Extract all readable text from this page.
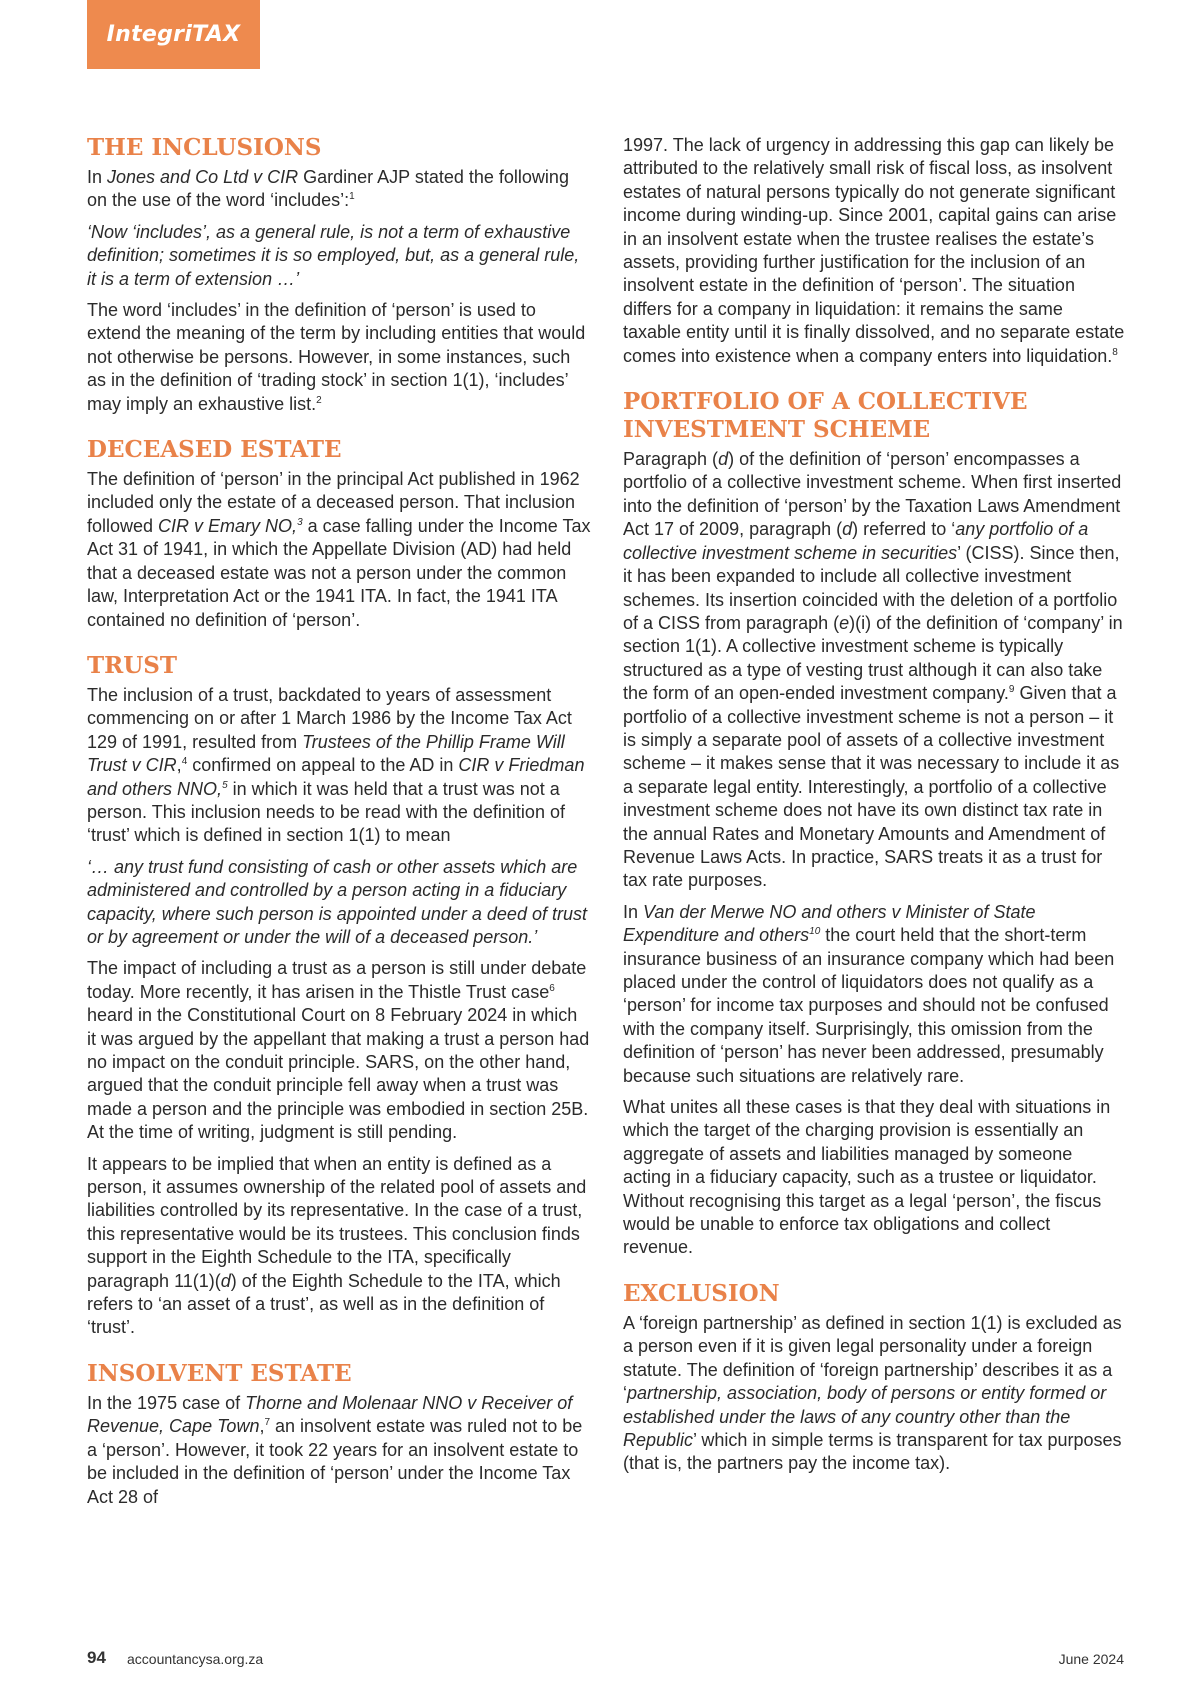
IntegriTAX
THE INCLUSIONS
In Jones and Co Ltd v CIR Gardiner AJP stated the following on the use of the word ‘includes’:$^1$
‘Now ‘includes’, as a general rule, is not a term of exhaustive definition; sometimes it is so employed, but, as a general rule, it is a term of extension …’
The word ‘includes’ in the definition of ‘person’ is used to extend the meaning of the term by including entities that would not otherwise be persons. However, in some instances, such as in the definition of ‘trading stock’ in section 1(1), ‘includes’ may imply an exhaustive list.$^2$
DECEASED ESTATE
The definition of ‘person’ in the principal Act published in 1962 included only the estate of a deceased person. That inclusion followed CIR v Emary NO,$^3$ a case falling under the Income Tax Act 31 of 1941, in which the Appellate Division (AD) had held that a deceased estate was not a person under the common law, Interpretation Act or the 1941 ITA. In fact, the 1941 ITA contained no definition of ‘person’.
TRUST
The inclusion of a trust, backdated to years of assessment commencing on or after 1 March 1986 by the Income Tax Act 129 of 1991, resulted from Trustees of the Phillip Frame Will Trust v CIR,$^4$ confirmed on appeal to the AD in CIR v Friedman and others NNO,$^5$ in which it was held that a trust was not a person. This inclusion needs to be read with the definition of ‘trust’ which is defined in section 1(1) to mean
‘… any trust fund consisting of cash or other assets which are administered and controlled by a person acting in a fiduciary capacity, where such person is appointed under a deed of trust or by agreement or under the will of a deceased person.’
The impact of including a trust as a person is still under debate today. More recently, it has arisen in the Thistle Trust case$^6$ heard in the Constitutional Court on 8 February 2024 in which it was argued by the appellant that making a trust a person had no impact on the conduit principle. SARS, on the other hand, argued that the conduit principle fell away when a trust was made a person and the principle was embodied in section 25B. At the time of writing, judgment is still pending.
It appears to be implied that when an entity is defined as a person, it assumes ownership of the related pool of assets and liabilities controlled by its representative. In the case of a trust, this representative would be its trustees. This conclusion finds support in the Eighth Schedule to the ITA, specifically paragraph 11(1)(d) of the Eighth Schedule to the ITA, which refers to ‘an asset of a trust’, as well as in the definition of ‘trust’.
INSOLVENT ESTATE
In the 1975 case of Thorne and Molenaar NNO v Receiver of Revenue, Cape Town,$^7$ an insolvent estate was ruled not to be a ‘person’. However, it took 22 years for an insolvent estate to be included in the definition of ‘person’ under the Income Tax Act 28 of
1997. The lack of urgency in addressing this gap can likely be attributed to the relatively small risk of fiscal loss, as insolvent estates of natural persons typically do not generate significant income during winding-up. Since 2001, capital gains can arise in an insolvent estate when the trustee realises the estate’s assets, providing further justification for the inclusion of an insolvent estate in the definition of ‘person’. The situation differs for a company in liquidation: it remains the same taxable entity until it is finally dissolved, and no separate estate comes into existence when a company enters into liquidation.$^8$
PORTFOLIO OF A COLLECTIVE INVESTMENT SCHEME
Paragraph (d) of the definition of ‘person’ encompasses a portfolio of a collective investment scheme. When first inserted into the definition of ‘person’ by the Taxation Laws Amendment Act 17 of 2009, paragraph (d) referred to ‘any portfolio of a collective investment scheme in securities’ (CISS). Since then, it has been expanded to include all collective investment schemes. Its insertion coincided with the deletion of a portfolio of a CISS from paragraph (e)(i) of the definition of ‘company’ in section 1(1). A collective investment scheme is typically structured as a type of vesting trust although it can also take the form of an open-ended investment company.$^9$ Given that a portfolio of a collective investment scheme is not a person – it is simply a separate pool of assets of a collective investment scheme – it makes sense that it was necessary to include it as a separate legal entity. Interestingly, a portfolio of a collective investment scheme does not have its own distinct tax rate in the annual Rates and Monetary Amounts and Amendment of Revenue Laws Acts. In practice, SARS treats it as a trust for tax rate purposes.
In Van der Merwe NO and others v Minister of State Expenditure and others$^{10}$ the court held that the short-term insurance business of an insurance company which had been placed under the control of liquidators does not qualify as a ‘person’ for income tax purposes and should not be confused with the company itself. Surprisingly, this omission from the definition of ‘person’ has never been addressed, presumably because such situations are relatively rare.
What unites all these cases is that they deal with situations in which the target of the charging provision is essentially an aggregate of assets and liabilities managed by someone acting in a fiduciary capacity, such as a trustee or liquidator. Without recognising this target as a legal ‘person’, the fiscus would be unable to enforce tax obligations and collect revenue.
EXCLUSION
A ‘foreign partnership’ as defined in section 1(1) is excluded as a person even if it is given legal personality under a foreign statute. The definition of ‘foreign partnership’ describes it as a ‘partnership, association, body of persons or entity formed or established under the laws of any country other than the Republic’ which in simple terms is transparent for tax purposes (that is, the partners pay the income tax).
94 accountancysa.org.za	June 2024
